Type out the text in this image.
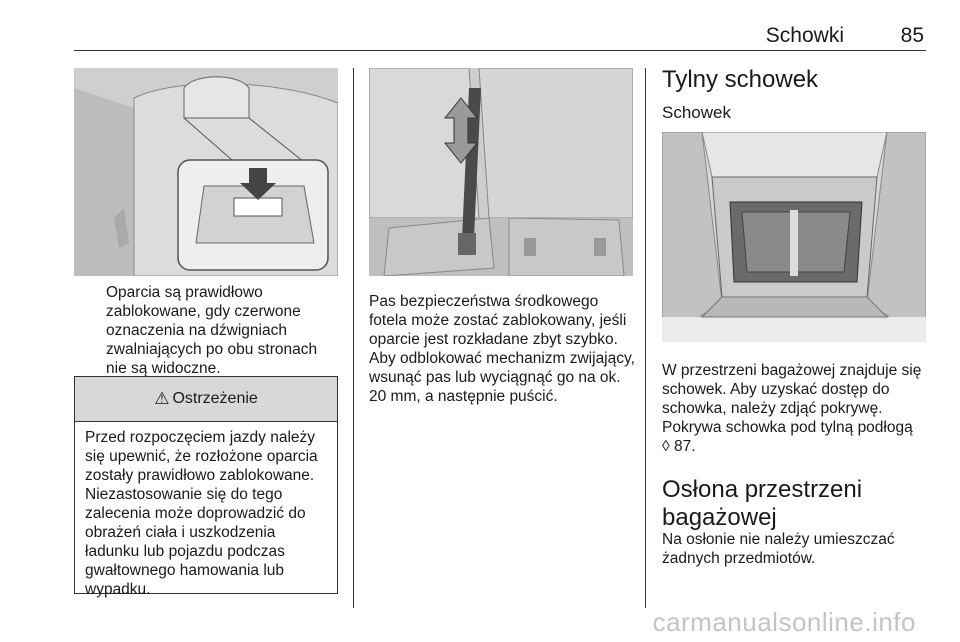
Schowki	85
Oparcia są prawidłowo zablokowane, gdy czerwone oznaczenia na dźwigniach zwalniających po obu stronach nie są widoczne.
⚠ Ostrzeżenie
Przed rozpoczęciem jazdy należy się upewnić, że rozłożone oparcia zostały prawidłowo zablokowane. Niezastosowanie się do tego zalecenia może doprowadzić do obrażeń ciała i uszkodzenia ładunku lub pojazdu podczas gwałtownego hamowania lub wypadku.
Pas bezpieczeństwa środkowego fotela może zostać zablokowany, jeśli oparcie jest rozkładane zbyt szybko. Aby odblokować mechanizm zwijający, wsunąć pas lub wyciągnąć go na ok. 20 mm, a następnie puścić.
Tylny schowek
Schowek
W przestrzeni bagażowej znajduje się schowek. Aby uzyskać dostęp do schowka, należy zdjąć pokrywę.
Pokrywa schowka pod tylną podłogą
◊ 87.
Osłona przestrzeni bagażowej
Na osłonie nie należy umieszczać żadnych przedmiotów.
carmanualsonline.info
